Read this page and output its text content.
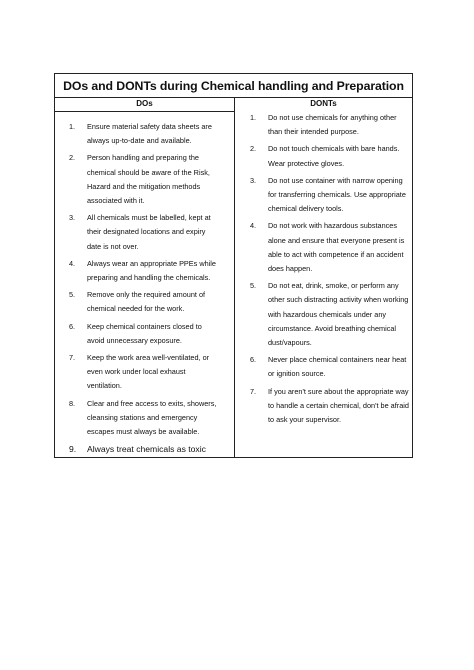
DOs and DONTs during Chemical handling and Preparation
DOs
1. Ensure material safety data sheets are always up-to-date and available.
2. Person handling and preparing the chemical should be aware of the Risk, Hazard and the mitigation methods associated with it.
3. All chemicals must be labelled, kept at their designated locations and expiry date is not over.
4. Always wear an appropriate PPEs while preparing and handling the chemicals.
5. Remove only the required amount of chemical needed for the work.
6. Keep chemical containers closed to avoid unnecessary exposure.
7. Keep the work area well-ventilated, or even work under local exhaust ventilation.
8. Clear and free access to exits, showers, cleansing stations and emergency escapes must always be available.
9. Always treat chemicals as toxic
DONTs
1. Do not use chemicals for anything other than their intended purpose.
2. Do not touch chemicals with bare hands. Wear protective gloves.
3. Do not use container with narrow opening for transferring chemicals. Use appropriate chemical delivery tools.
4. Do not work with hazardous substances alone and ensure that everyone present is able to act with competence if an accident does happen.
5. Do not eat, drink, smoke, or perform any other such distracting activity when working with hazardous chemicals under any circumstance. Avoid breathing chemical dust/vapours.
6. Never place chemical containers near heat or ignition source.
7. If you aren't sure about the appropriate way to handle a certain chemical, don't be afraid to ask your supervisor.
